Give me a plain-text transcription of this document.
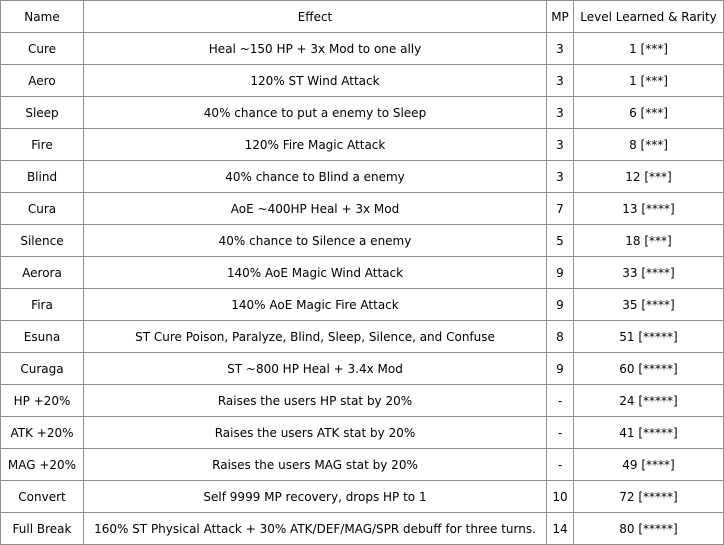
Name	Effect	MP	Level Learned & Rarity
Cure	Heal ~150 HP + 3x Mod to one ally	3	1 [***]
Aero	120% ST Wind Attack	3	1 [***]
Sleep	40% chance to put a enemy to Sleep	3	6 [***]
Fire	120% Fire Magic Attack	3	8 [***]
Blind	40% chance to Blind a enemy	3	12 [***]
Cura	AoE ~400HP Heal + 3x Mod	7	13 [****]
Silence	40% chance to Silence a enemy	5	18 [***]
Aerora	140% AoE Magic Wind Attack	9	33 [****]
Fira	140% AoE Magic Fire Attack	9	35 [****]
Esuna	ST Cure Poison, Paralyze, Blind, Sleep, Silence, and Confuse	8	51 [*****]
Curaga	ST ~800 HP Heal + 3.4x Mod	9	60 [*****]
HP +20%	Raises the users HP stat by 20%	-	24 [*****]
ATK +20%	Raises the users ATK stat by 20%	-	41 [*****]
MAG +20%	Raises the users MAG stat by 20%	-	49 [****]
Convert	Self 9999 MP recovery, drops HP to 1	10	72 [*****]
Full Break	160% ST Physical Attack + 30% ATK/DEF/MAG/SPR debuff for three turns.	14	80 [*****]
